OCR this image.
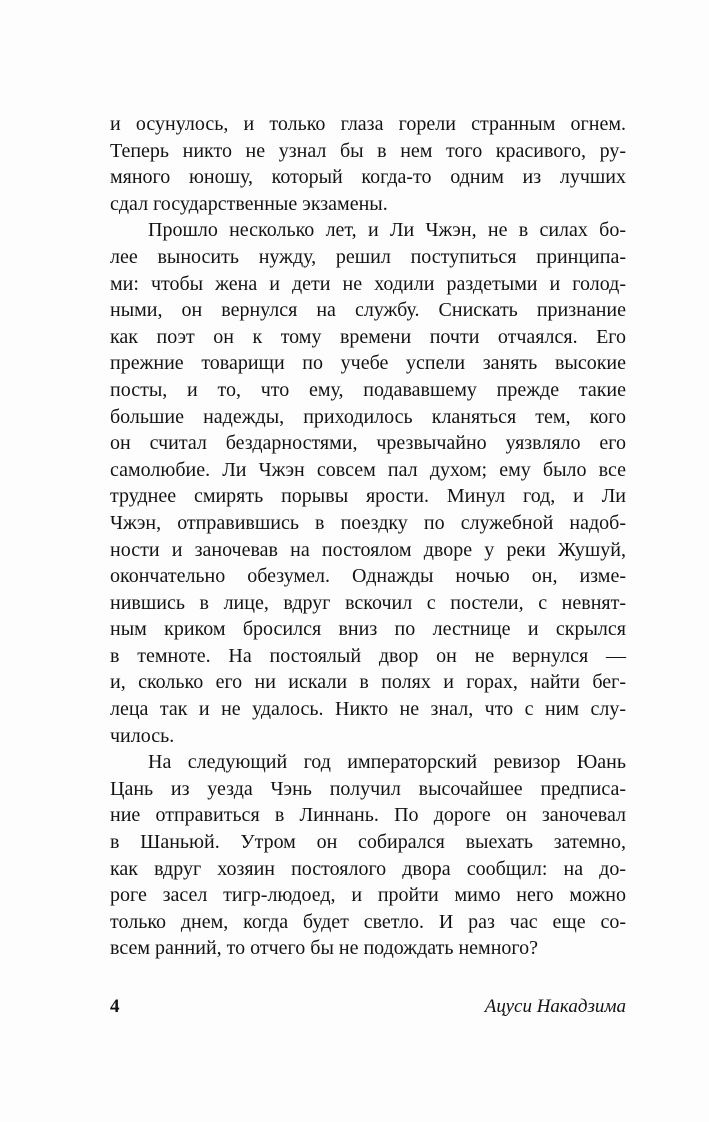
и осунулось, и только глаза горели странным огнем.
Теперь никто не узнал бы в нем того красивого, ру-
мяного юношу, который когда-то одним из лучших
сдал государственные экзамены.
Прошло несколько лет, и Ли Чжэн, не в силах бо-
лее выносить нужду, решил поступиться принципа-
ми: чтобы жена и дети не ходили раздетыми и голод-
ными, он вернулся на службу. Снискать признание
как поэт он к тому времени почти отчаялся. Его
прежние товарищи по учебе успели занять высокие
посты, и то, что ему, подававшему прежде такие
большие надежды, приходилось кланяться тем, кого
он считал бездарностями, чрезвычайно уязвляло его
самолюбие. Ли Чжэн совсем пал духом; ему было все
труднее смирять порывы ярости. Минул год, и Ли
Чжэн, отправившись в поездку по служебной надоб-
ности и заночевав на постоялом дворе у реки Жушуй,
окончательно обезумел. Однажды ночью он, изме-
нившись в лице, вдруг вскочил с постели, с невнят-
ным криком бросился вниз по лестнице и скрылся
в темноте. На постоялый двор он не вернулся —
и, сколько его ни искали в полях и горах, найти бег-
леца так и не удалось. Никто не знал, что с ним слу-
чилось.
На следующий год императорский ревизор Юань
Цань из уезда Чэнь получил высочайшее предписа-
ние отправиться в Линнань. По дороге он заночевал
в Шаньюй. Утром он собирался выехать затемно,
как вдруг хозяин постоялого двора сообщил: на до-
роге засел тигр-людоед, и пройти мимо него можно
только днем, когда будет светло. И раз час еще со-
всем ранний, то отчего бы не подождать немного?
4	Ацуси Накадзима
